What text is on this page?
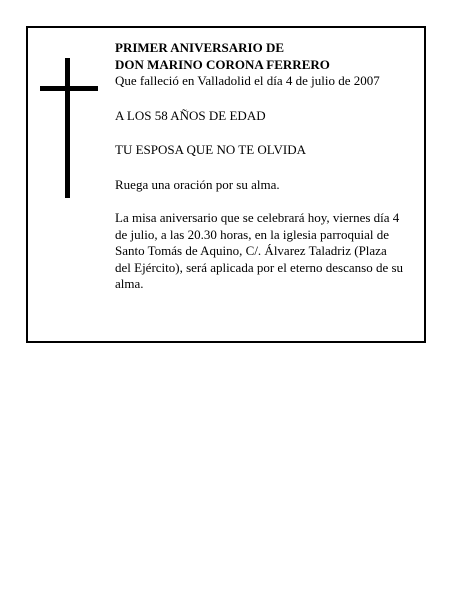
PRIMER ANIVERSARIO DE

DON MARINO CORONA FERRERO

Que falleció en Valladolid el día 4 de julio de 2007

A LOS 58 AÑOS DE EDAD

TU ESPOSA QUE NO TE OLVIDA

Ruega una oración por su alma.

La misa aniversario que se celebrará hoy, viernes día 4 de julio, a las 20.30 horas, en la iglesia parroquial de Santo Tomás de Aquino, C/. Álvarez Taladriz (Plaza del Ejército), será aplicada por el eterno descanso de su alma.
